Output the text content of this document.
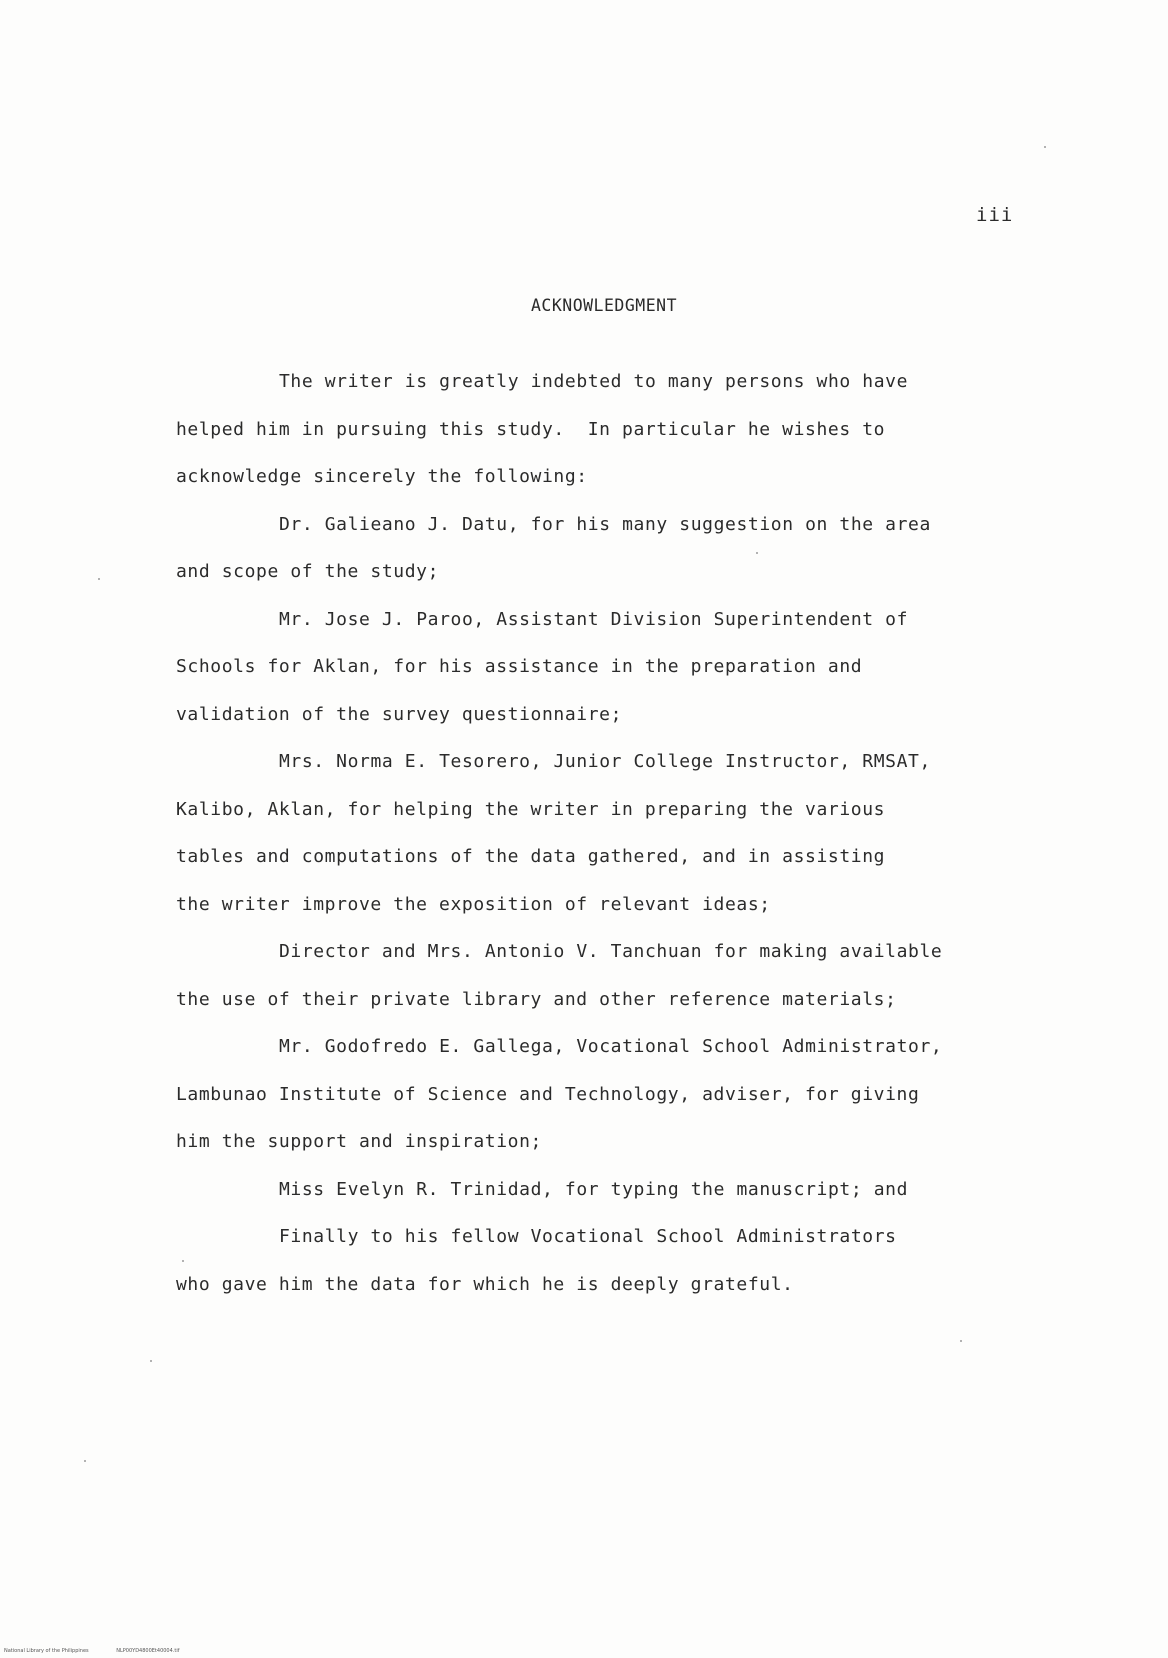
iii
ACKNOWLEDGMENT
The writer is greatly indebted to many persons who have
helped him in pursuing this study.  In particular he wishes to
acknowledge sincerely the following:
Dr. Galieano J. Datu, for his many suggestion on the area
and scope of the study;
Mr. Jose J. Paroo, Assistant Division Superintendent of
Schools for Aklan, for his assistance in the preparation and
validation of the survey questionnaire;
Mrs. Norma E. Tesorero, Junior College Instructor, RMSAT,
Kalibo, Aklan, for helping the writer in preparing the various
tables and computations of the data gathered, and in assisting
the writer improve the exposition of relevant ideas;
Director and Mrs. Antonio V. Tanchuan for making available
the use of their private library and other reference materials;
Mr. Godofredo E. Gallega, Vocational School Administrator,
Lambunao Institute of Science and Technology, adviser, for giving
him the support and inspiration;
Miss Evelyn R. Trinidad, for typing the manuscript; and
Finally to his fellow Vocational School Administrators
who gave him the data for which he is deeply grateful.
National Library of the Philippines	NLP00YD4800Et40004.tif
